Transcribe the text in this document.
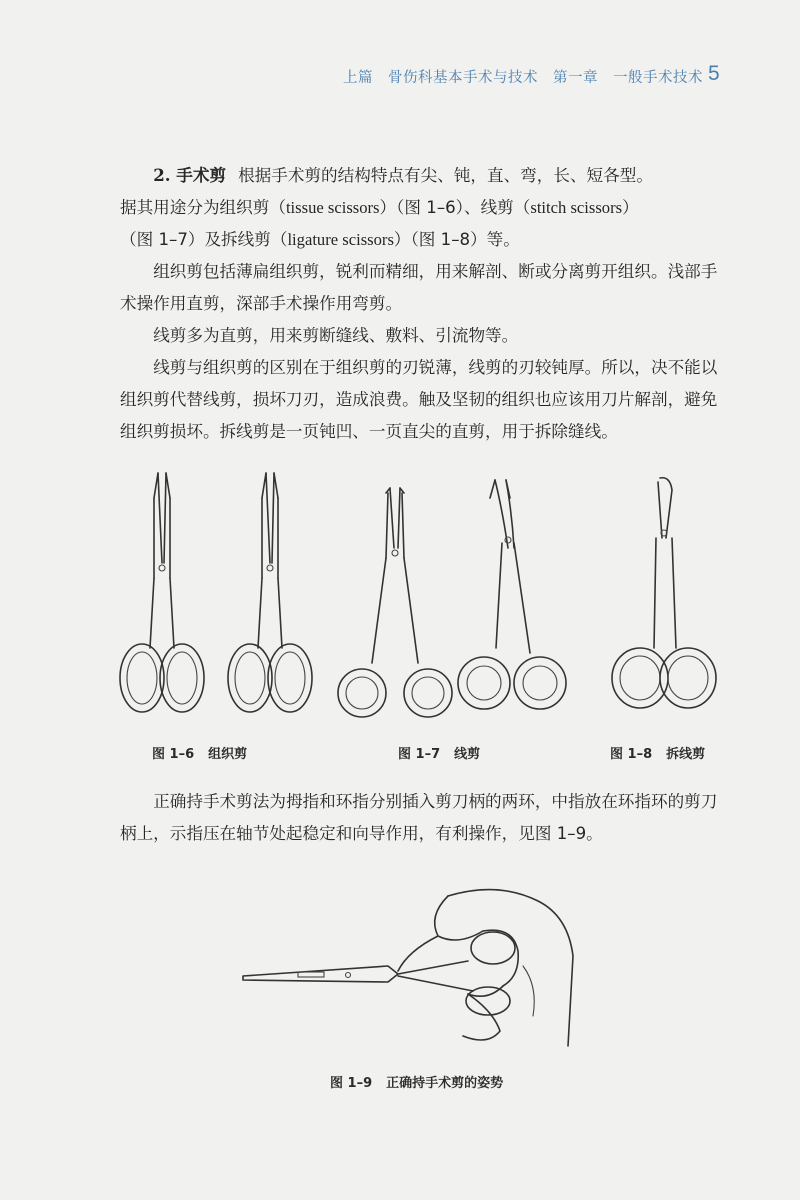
上篇　骨伤科基本手术与技术　第一章　一般手术技术 5

2. 手术剪 根据手术剪的结构特点有尖、钝，直、弯，长、短各型。

据其用途分为组织剪（tissue scissors）（图 1–6）、线剪（stitch scissors）

（图 1–7）及拆线剪（ligature scissors）（图 1–8）等。

组织剪包括薄扁组织剪，锐利而精细，用来解剖、断或分离剪开组织。浅部手术操作用直剪，深部手术操作用弯剪。

线剪多为直剪，用来剪断缝线、敷料、引流物等。

线剪与组织剪的区别在于组织剪的刃锐薄，线剪的刃较钝厚。所以，决不能以组织剪代替线剪，损坏刀刃，造成浪费。触及坚韧的组织也应该用刀片解剖，避免组织剪损坏。拆线剪是一页钝凹、一页直尖的直剪，用于拆除缝线。

图 1–6 组织剪	图 1–7 线剪	图 1–8 拆线剪

正确持手术剪法为拇指和环指分别插入剪刀柄的两环，中指放在环指环的剪刀柄上，示指压在轴节处起稳定和向导作用，有利操作，见图 1–9。

图 1–9 正确持手术剪的姿势
